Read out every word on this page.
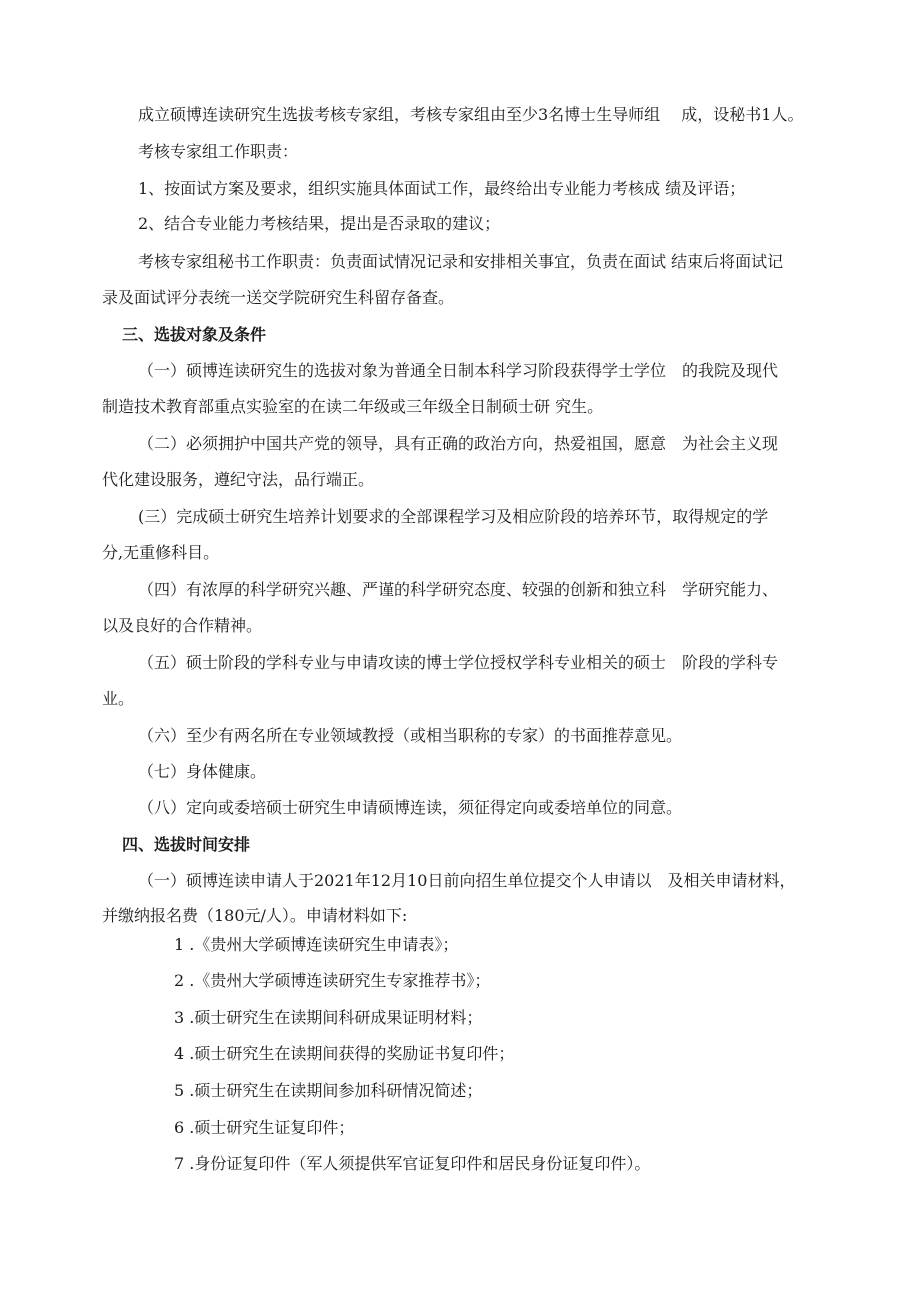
成立硕博连读研究生选拔考核专家组，考核专家组由至少3名博士生导师组　 成，设秘书1人。

考核专家组工作职责：

1、按面试方案及要求，组织实施具体面试工作，最终给出专业能力考核成 绩及评语；

2、结合专业能力考核结果，提出是否录取的建议；

考核专家组秘书工作职责：负责面试情况记录和安排相关事宜，负责在面试 结束后将面试记

录及面试评分表统一送交学院研究生科留存备查。

三、选拔对象及条件

（一）硕博连读研究生的选拔对象为普通全日制本科学习阶段获得学士学位　的我院及现代

制造技术教育部重点实验室的在读二年级或三年级全日制硕士研 究生。

（二）必须拥护中国共产党的领导，具有正确的政治方向，热爱祖国，愿意　为社会主义现

代化建设服务，遵纪守法，品行端正。

(三）完成硕士研究生培养计划要求的全部课程学习及相应阶段的培养环节，取得规定的学

分,无重修科目。

（四）有浓厚的科学研究兴趣、严谨的科学研究态度、较强的创新和独立科　学研究能力、

以及良好的合作精神。

（五）硕士阶段的学科专业与申请攻读的博士学位授权学科专业相关的硕士　阶段的学科专

业。

（六）至少有两名所在专业领域教授（或相当职称的专家）的书面推荐意见。

（七）身体健康。

（八）定向或委培硕士研究生申请硕博连读，须征得定向或委培单位的同意。

四、选拔时间安排

（一）硕博连读申请人于2021年12月10日前向招生单位提交个人申请以　及相关申请材料，

并缴纳报名费（180元/人）。申请材料如下:

1 .《贵州大学硕博连读研究生申请表》；

2 .《贵州大学硕博连读研究生专家推荐书》；

3 .硕士研究生在读期间科研成果证明材料；

4 .硕士研究生在读期间获得的奖励证书复印件；

5 .硕士研究生在读期间参加科研情况简述；

6 .硕士研究生证复印件；

7 .身份证复印件（军人须提供军官证复印件和居民身份证复印件）。
